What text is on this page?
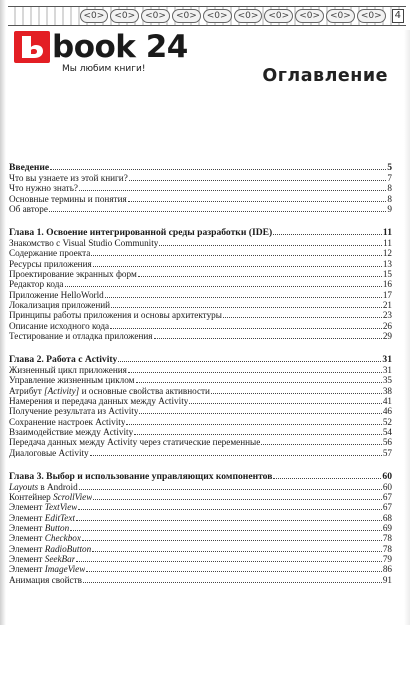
<0>	<0>	<0>	<0>	<0>	<0>	<0>	<0>	<0>	<0>	4
book 24
Мы любим книги!	Оглавление
Введение	5
Что вы узнаете из этой книги?	7
Что нужно знать?	8
Основные термины и понятия	8
Об авторе	9
Глава 1. Освоение интегрированной среды разработки (IDE)	11
Знакомство с Visual Studio Community	11
Содержание проекта	12
Ресурсы приложения	13
Проектирование экранных форм	15
Редактор кода	16
Приложение HelloWorld	17
Локализация приложений	21
Принципы работы приложения и основы архитектуры	23
Описание исходного кода	26
Тестирование и отладка приложения	29
Глава 2. Работа с Activity	31
Жизненный цикл приложения	31
Управление жизненным циклом	35
Атрибут [Activity] и основные свойства активности	38
Намерения и передача данных между Activity	41
Получение результата из Activity	46
Сохранение настроек Activity	52
Взаимодействие между Activity	54
Передача данных между Activity через статические переменные	56
Диалоговые Activity	57
Глава 3. Выбор и использование управляющих компонентов	60
Layouts в Android	60
Контейнер ScrollView	67
Элемент TextView	67
Элемент EditText	68
Элемент Button	69
Элемент Checkbox	78
Элемент RadioButton	78
Элемент SeekBar	79
Элемент ImageView	86
Анимация свойств	91
